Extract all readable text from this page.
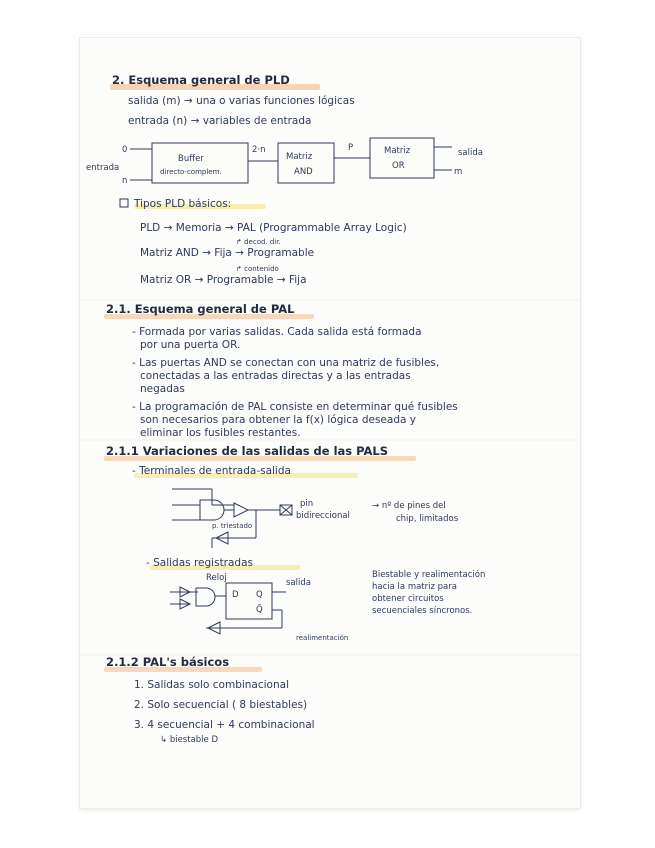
2. Esquema general de PLD
salida (m) → una o varias funciones lógicas
entrada (n) → variables de entrada
0
entrada
n
Buffer
directo-complem.
2·n
Matriz
AND
P	Matriz
OR
salida
m
Tipos PLD básicos:
PLD → Memoria → PAL (Programmable Array Logic)
↱ decod. dir.
Matriz AND → Fija → Programable
↱ contenido
Matriz OR → Programable → Fija
2.1. Esquema general de PAL
- Formada por varias salidas. Cada salida está formada
por una puerta OR.
- Las puertas AND se conectan con una matriz de fusibles,
conectadas a las entradas directas y a las entradas
negadas
- La programación de PAL consiste en determinar qué fusibles
son necesarios para obtener la f(x) lógica deseada y
eliminar los fusibles restantes.
2.1.1 Variaciones de las salidas de las PALS
- Terminales de entrada-salida
p. triestado
pin
bidireccional
→ nº de pines del
chip, limitados
- Salidas registradas
Reloj
D Q
Q̄
salida
realimentación
Biestable y realimentación
hacia la matriz para
obtener circuitos
secuenciales síncronos.
2.1.2 PAL's básicos
1. Salidas solo combinacional
2. Solo secuencial ( 8 biestables)
3. 4 secuencial + 4 combinacional
↳ biestable D
